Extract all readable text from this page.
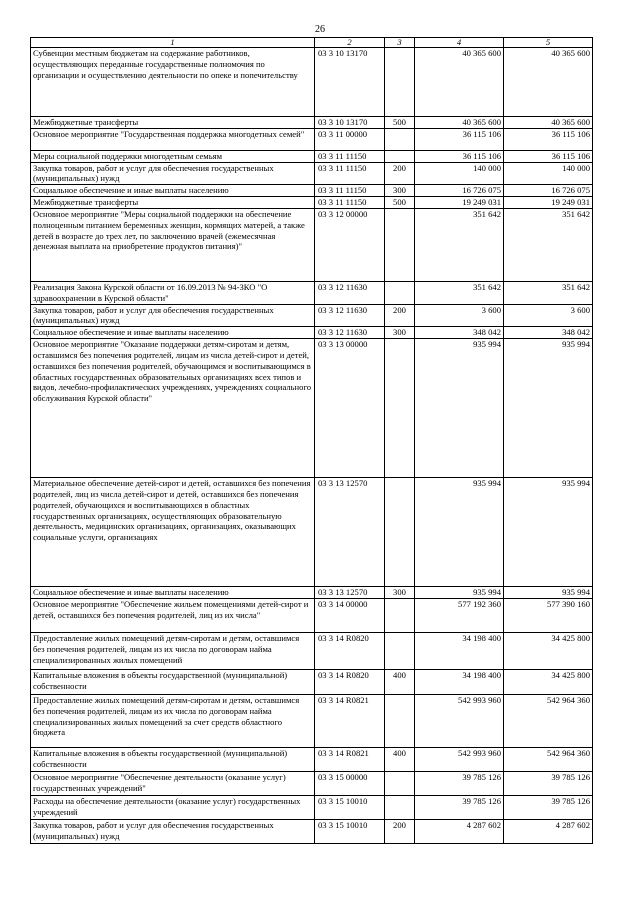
26
1	2	3	4	5
Субвенции местным бюджетам на содержание работников, осуществляющих переданные государственные полномочия по организации и осуществлению деятельности по опеке и попечительству	03 3 10 13170		40 365 600	40 365 600
Межбюджетные трансферты	03 3 10 13170	500	40 365 600	40 365 600
Основное мероприятие "Государственная поддержка многодетных семей"	03 3 11 00000		36 115 106	36 115 106
Меры социальной поддержки многодетным семьям	03 3 11 11150		36 115 106	36 115 106
Закупка товаров, работ и услуг для обеспечения государственных (муниципальных) нужд	03 3 11 11150	200	140 000	140 000
Социальное обеспечение и иные выплаты населению	03 3 11 11150	300	16 726 075	16 726 075
Межбюджетные трансферты	03 3 11 11150	500	19 249 031	19 249 031
Основное мероприятие "Меры социальной поддержки на обеспечение полноценным питанием беременных женщин, кормящих матерей, а также детей в возрасте до трех лет, по заключению врачей (ежемесячная денежная выплата на приобретение продуктов питания)"	03 3 12 00000		351 642	351 642
Реализация Закона Курской области от 16.09.2013 № 94-ЗКО "О здравоохранении в Курской области"	03 3 12 11630		351 642	351 642
Закупка товаров, работ и услуг для обеспечения государственных (муниципальных) нужд	03 3 12 11630	200	3 600	3 600
Социальное обеспечение и иные выплаты населению	03 3 12 11630	300	348 042	348 042
Основное мероприятие "Оказание поддержки детям-сиротам и детям, оставшимся без попечения родителей, лицам из числа детей-сирот и детей, оставшихся без попечения родителей, обучающимся и воспитывающимся в областных государственных образовательных организациях всех типов и видов, лечебно-профилактических учреждениях, учреждениях социального обслуживания Курской области"	03 3 13 00000		935 994	935 994
Материальное обеспечение детей-сирот и детей, оставшихся без попечения родителей, лиц из числа детей-сирот и детей, оставшихся без попечения родителей, обучающихся и воспитывающихся в областных государственных организациях, осуществляющих образовательную деятельность, медицинских организациях, организациях, оказывающих социальные услуги, организациях	03 3 13 12570		935 994	935 994
Социальное обеспечение и иные выплаты населению	03 3 13 12570	300	935 994	935 994
Основное мероприятие "Обеспечение жильем помещениями детей-сирот и детей, оставшихся без попечения родителей, лиц из их числа"	03 3 14 00000		577 192 360	577 390 160
Предоставление жилых помещений детям-сиротам и детям, оставшимся без попечения родителей, лицам из их числа по договорам найма специализированных жилых помещений	03 3 14 R0820		34 198 400	34 425 800
Капитальные вложения в объекты государственной (муниципальной) собственности	03 3 14 R0820	400	34 198 400	34 425 800
Предоставление жилых помещений детям-сиротам и детям, оставшимся без попечения родителей, лицам из их числа по договорам найма специализированных жилых помещений за счет средств областного бюджета	03 3 14 R0821		542 993 960	542 964 360
Капитальные вложения в объекты государственной (муниципальной) собственности	03 3 14 R0821	400	542 993 960	542 964 360
Основное мероприятие "Обеспечение деятельности (оказание услуг) государственных учреждений"	03 3 15 00000		39 785 126	39 785 126
Расходы на обеспечение деятельности (оказание услуг) государственных учреждений	03 3 15 10010		39 785 126	39 785 126
Закупка товаров, работ и услуг для обеспечения государственных (муниципальных) нужд	03 3 15 10010	200	4 287 602	4 287 602
